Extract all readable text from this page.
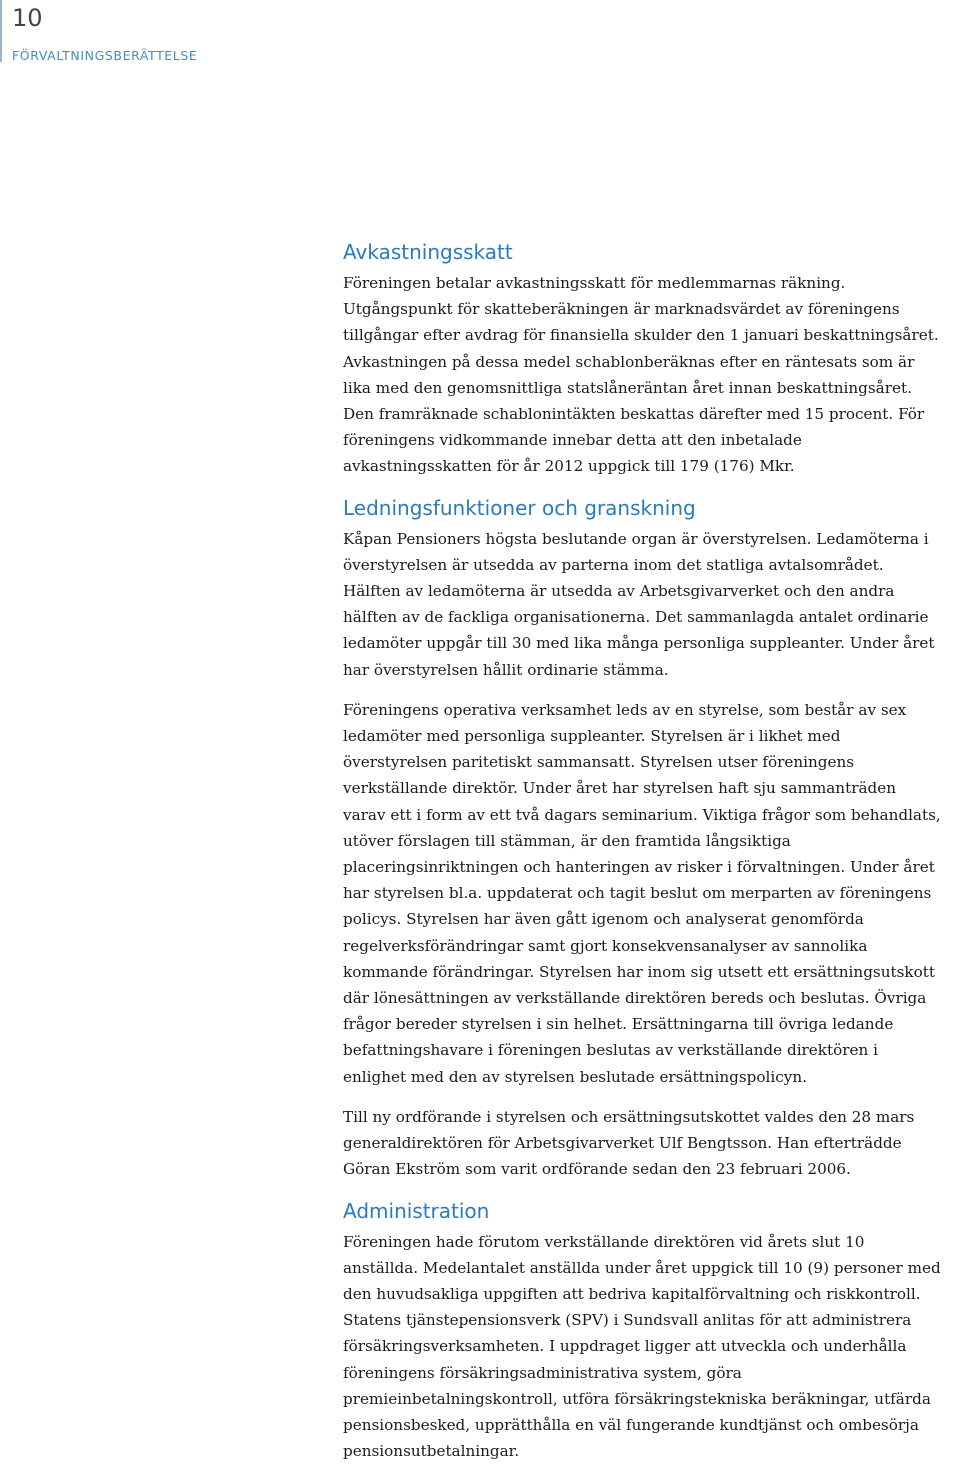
10
FÖRVALTNINGSBERÄTTELSE
Avkastningsskatt

Föreningen betalar avkastningsskatt för medlemmarnas räkning. Utgångspunkt för skatteberäkningen är marknadsvärdet av föreningens tillgångar efter avdrag för finansiella skulder den 1 januari beskattningsåret. Avkastningen på dessa medel schablonberäknas efter en räntesats som är lika med den genomsnittliga statslåneräntan året innan beskattningsåret. Den framräknade schablonintäkten beskattas därefter med 15 procent. För föreningens vidkommande innebar detta att den inbetalade avkastningsskatten för år 2012 uppgick till 179 (176) Mkr.

Ledningsfunktioner och granskning

Kåpan Pensioners högsta beslutande organ är överstyrelsen. Ledamöterna i överstyrelsen är utsedda av parterna inom det statliga avtalsområdet. Hälften av ledamöterna är utsedda av Arbetsgivarverket och den andra hälften av de fackliga organisationerna. Det sammanlagda antalet ordinarie ledamöter uppgår till 30 med lika många personliga suppleanter. Under året har överstyrelsen hållit ordinarie stämma.

Föreningens operativa verksamhet leds av en styrelse, som består av sex ledamöter med personliga suppleanter. Styrelsen är i likhet med överstyrelsen paritetiskt sammansatt. Styrelsen utser föreningens verkställande direktör. Under året har styrelsen haft sju sammanträden varav ett i form av ett två dagars seminarium. Viktiga frågor som behandlats, utöver förslagen till stämman, är den framtida långsiktiga placeringsinriktningen och hanteringen av risker i förvaltningen. Under året har styrelsen bl.a. uppdaterat och tagit beslut om merparten av föreningens policys. Styrelsen har även gått igenom och analyserat genomförda regelverksförändringar samt gjort konsekvensanalyser av sannolika kommande förändringar. Styrelsen har inom sig utsett ett ersättningsutskott där lönesättningen av verkställande direktören bereds och beslutas. Övriga frågor bereder styrelsen i sin helhet. Ersättningarna till övriga ledande befattningshavare i föreningen beslutas av verkställande direktören i enlighet med den av styrelsen beslutade ersättningspolicyn.

Till ny ordförande i styrelsen och ersättningsutskottet valdes den 28 mars generaldirektören för Arbetsgivarverket Ulf Bengtsson. Han efterträdde Göran Ekström som varit ordförande sedan den 23 februari 2006.

Administration

Föreningen hade förutom verkställande direktören vid årets slut 10 anställda. Medelantalet anställda under året uppgick till 10 (9) personer med den huvudsakliga uppgiften att bedriva kapitalförvaltning och riskkontroll. Statens tjänstepensionsverk (SPV) i Sundsvall anlitas för att administrera försäkringsverksamheten. I uppdraget ligger att utveckla och underhålla föreningens försäkringsadministrativa system, göra premieinbetalningskontroll, utföra försäkringstekniska beräkningar, utfärda pensionsbesked, upprätthålla en väl fungerande kundtjänst och ombesörja pensionsutbetalningar.
